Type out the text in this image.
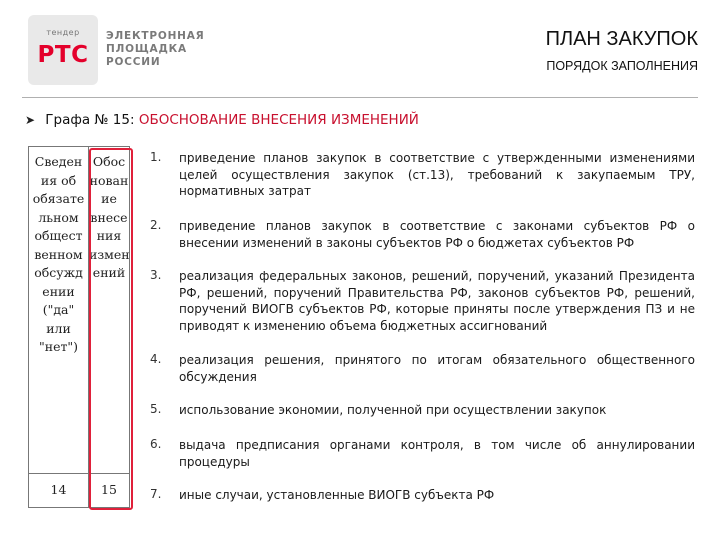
тендер
РТС
ЭЛЕКТРОННАЯ
ПЛОЩАДКА
РОССИИ
ПЛАН ЗАКУПОК
ПОРЯДОК ЗАПОЛНЕНИЯ
➤ Графа № 15: ОБОСНОВАНИЕ ВНЕСЕНИЯ ИЗМЕНЕНИЙ
Сведен
ия об
обязате
льном
общест
венном
обсужд
ении
("да"
или
"нет")
Обос
нован
ие
внесе
ния
измен
ений
14	15
1. приведение планов закупок в соответствие с утвержденными изменениями целей осуществления закупок (ст.13), требований к закупаемым ТРУ, нормативных затрат
2. приведение планов закупок в соответствие с законами субъектов РФ о внесении изменений в законы субъектов РФ о бюджетах субъектов РФ
3. реализация федеральных законов, решений, поручений, указаний Президента РФ, решений, поручений Правительства РФ, законов субъектов РФ, решений, поручений ВИОГВ субъектов РФ, которые приняты после утверждения ПЗ и не приводят к изменению объема бюджетных ассигнований
4. реализация решения, принятого по итогам обязательного общественного обсуждения
5. использование экономии, полученной при осуществлении закупок
6. выдача предписания органами контроля, в том числе об аннулировании процедуры
7. иные случаи, установленные ВИОГВ субъекта РФ
